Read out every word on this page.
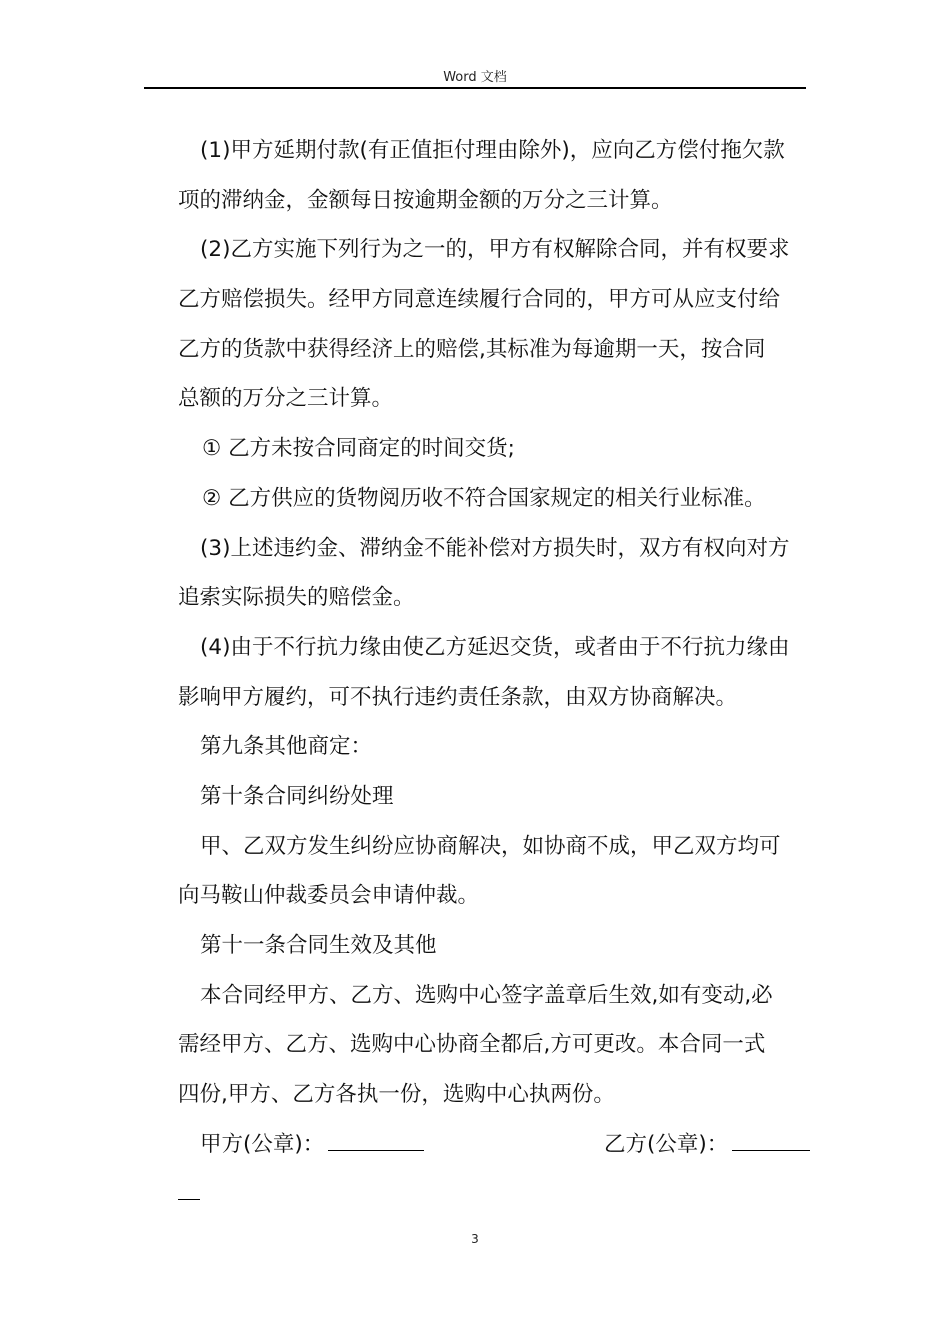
Word 文档
(1)甲方延期付款(有正值拒付理由除外)，应向乙方偿付拖欠款
项的滞纳金，金额每日按逾期金额的万分之三计算。
(2)乙方实施下列行为之一的，甲方有权解除合同，并有权要求
乙方赔偿损失。经甲方同意连续履行合同的，甲方可从应支付给
乙方的货款中获得经济上的赔偿,其标准为每逾期一天，按合同
总额的万分之三计算。
① 乙方未按合同商定的时间交货;
② 乙方供应的货物阅历收不符合国家规定的相关行业标准。
(3)上述违约金、滞纳金不能补偿对方损失时，双方有权向对方
追索实际损失的赔偿金。
(4)由于不行抗力缘由使乙方延迟交货，或者由于不行抗力缘由
影响甲方履约，可不执行违约责任条款，由双方协商解决。
第九条其他商定：
第十条合同纠纷处理
甲、乙双方发生纠纷应协商解决，如协商不成，甲乙双方均可
向马鞍山仲裁委员会申请仲裁。
第十一条合同生效及其他
本合同经甲方、乙方、选购中心签字盖章后生效,如有变动,必
需经甲方、乙方、选购中心协商全都后,方可更改。本合同一式
四份,甲方、乙方各执一份，选购中心执两份。
甲方(公章)：	乙方(公章)：
3
